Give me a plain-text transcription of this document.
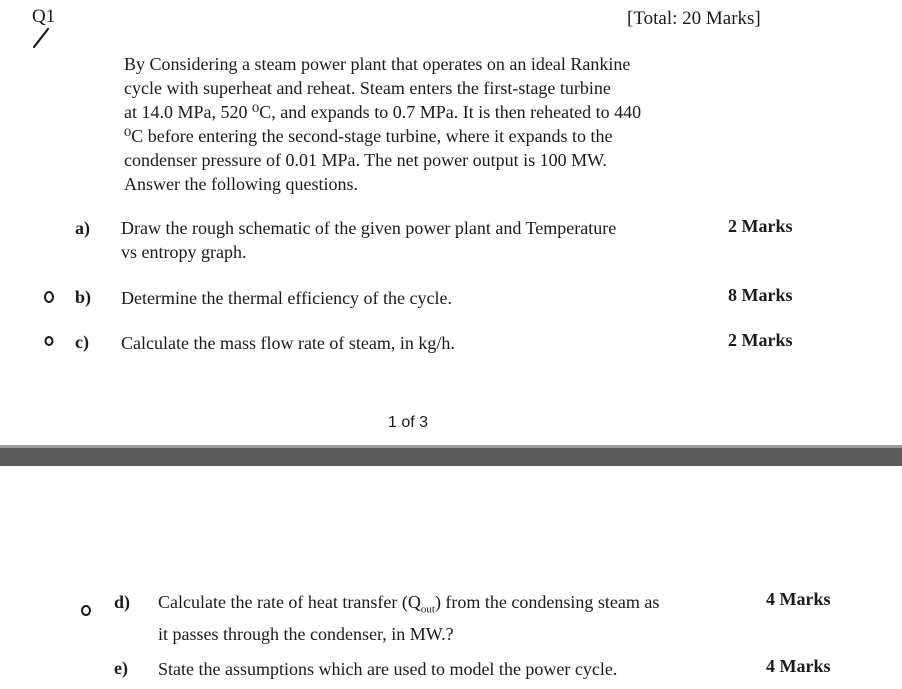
Q1	[Total: 20 Marks]
By Considering a steam power plant that operates on an ideal Rankine
cycle with superheat and reheat. Steam enters the first-stage turbine
at 14.0 MPa, 520 ⁰C, and expands to 0.7 MPa. It is then reheated to 440
⁰C before entering the second-stage turbine, where it expands to the
condenser pressure of 0.01 MPa. The net power output is 100 MW.
Answer the following questions.
a) Draw the rough schematic of the given power plant and Temperature
vs entropy graph.
2 Marks
b) Determine the thermal efficiency of the cycle.	8 Marks
c) Calculate the mass flow rate of steam, in kg/h.	2 Marks
1 of 3
d) Calculate the rate of heat transfer $(Q_{out})$ from the condensing steam as
it passes through the condenser, in MW.?
4 Marks
e) State the assumptions which are used to model the power cycle.	4 Marks
